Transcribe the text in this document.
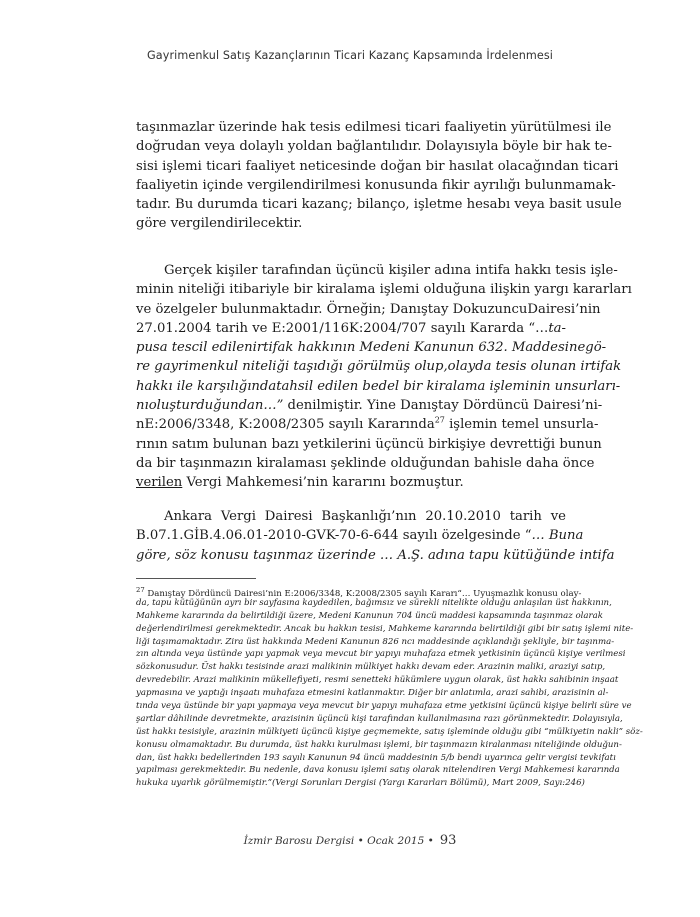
Gayrimenkul Satış Kazançlarının Ticari Kazanç Kapsamında İrdelenmesi
taşınmazlar üzerinde hak tesis edilmesi ticari faaliyetin yürütülmesi ile
doğrudan veya dolaylı yoldan bağlantılıdır. Dolayısıyla böyle bir hak te-
sisi işlemi ticari faaliyet neticesinde doğan bir hasılat olacağından ticari
faaliyetin içinde vergilendirilmesi konusunda fikir ayrılığı bulunmamak-
tadır. Bu durumda ticari kazanç; bilanço, işletme hesabı veya basit usule
göre vergilendirilecektir.
Gerçek kişiler tarafından üçüncü kişiler adına intifa hakkı tesis işle-
minin niteliği itibariyle bir kiralama işlemi olduğuna ilişkin yargı kararları
ve özelgeler bulunmaktadır. Örneğin; Danıştay DokuzuncuDairesi’nin
27.01.2004 tarih ve E:2001/116K:2004/707 sayılı Kararda “…ta-
pusa tescil edilenirtifak hakkının Medeni Kanunun 632. Maddesinegö-
re gayrimenkul niteliği taşıdığı görülmüş olup,olayda tesis olunan irtifak
hakkı ile karşılığındatahsil edilen bedel bir kiralama işleminin unsurları-
nıoluşturduğundan…” denilmiştir. Yine Danıştay Dördüncü Dairesi’ni-
nE:2006/3348, K:2008/2305 sayılı Kararında$^{27}$ işlemin temel unsurla-
rının satım bulunan bazı yetkilerini üçüncü birkişiye devrettiği bunun
da bir taşınmazın kiralaması şeklinde olduğundan bahisle daha önce
verilen Vergi Mahkemesi’nin kararını bozmuştur.
Ankara Vergi Dairesi Başkanlığı’nın 20.10.2010 tarih ve
B.07.1.GİB.4.06.01-2010-GVK-70-6-644 sayılı özelgesinde “… Buna
göre, söz konusu taşınmaz üzerinde … A.Ş. adına tapu kütüğünde intifa
$^{27}$ Danıştay Dördüncü Dairesi’nin E:2006/3348, K:2008/2305 sayılı Kararı“… Uyuşmazlık konusu olay-
da, tapu kütüğünün ayrı bir sayfasına kaydedilen, bağımsız ve sürekli nitelikte olduğu anlaşılan üst hakkının,
Mahkeme kararında da belirtildiği üzere, Medeni Kanunun 704 üncü maddesi kapsamında taşınmaz olarak
değerlendirilmesi gerekmektedir. Ancak bu hakkın tesisi, Mahkeme kararında belirtildiği gibi bir satış işlemi nite-
liği taşımamaktadır. Zira üst hakkında Medeni Kanunun 826 ncı maddesinde açıklandığı şekliyle, bir taşınma-
zın altında veya üstünde yapı yapmak veya mevcut bir yapıyı muhafaza etmek yetkisinin üçüncü kişiye verilmesi
sözkonusudur. Üst hakkı tesisinde arazi malikinin mülkiyet hakkı devam eder. Arazinin maliki, araziyi satıp,
devredebilir. Arazi malikinin mükellefiyeti, resmi senetteki hükümlere uygun olarak, üst hakkı sahibinin inşaat
yapmasına ve yaptığı inşaatı muhafaza etmesini katlanmaktır. Diğer bir anlatımla, arazi sahibi, arazisinin al-
tında veya üstünde bir yapı yapmaya veya mevcut bir yapıyı muhafaza etme yetkisini üçüncü kişiye belirli süre ve
şartlar dâhilinde devretmekte, arazisinin üçüncü kişi tarafından kullanılmasına razı görünmektedir. Dolayısıyla,
üst hakkı tesisiyle, arazinin mülkiyeti üçüncü kişiye geçmemekte, satış işleminde olduğu gibi “mülkiyetin nakli” söz-
konusu olmamaktadır. Bu durumda, üst hakkı kurulması işlemi, bir taşınmazın kiralanması niteliğinde olduğun-
dan, üst hakkı bedellerinden 193 sayılı Kanunun 94 üncü maddesinin 5/b bendi uyarınca gelir vergisi tevkifatı
yapılması gerekmektedir. Bu nedenle, dava konusu işlemi satış olarak nitelendiren Vergi Mahkemesi kararında
hukuka uyarlık görülmemiştir.”(Vergi Sorunları Dergisi (Yargı Kararları Bölümü), Mart 2009, Sayı:246)
İzmir Barosu Dergisi • Ocak 2015 • 93
